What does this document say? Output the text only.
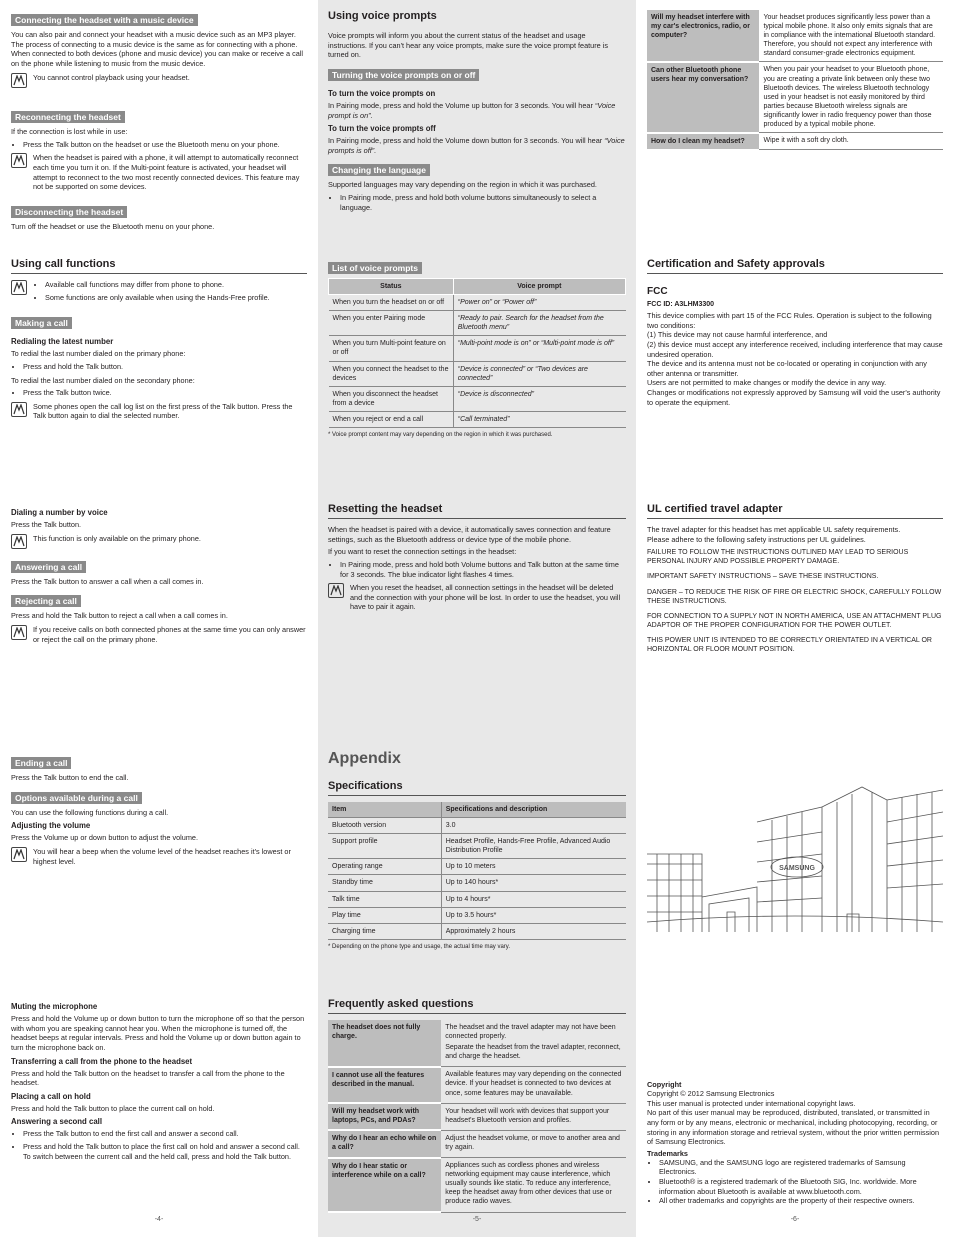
Connecting the headset with a music device

You can also pair and connect your headset with a music device such as an MP3 player. The process of connecting to a music device is the same as for connecting with a phone. When connected to both devices (phone and music device) you can make or receive a call on the phone while listening to music from the music device.

You cannot control playback using your headset.

Reconnecting the headset

If the connection is lost while in use:

• Press the Talk button on the headset or use the Bluetooth menu on your phone.

When the headset is paired with a phone, it will attempt to automatically reconnect each time you turn it on. If the Multi-point feature is activated, your headset will attempt to reconnect to the two most recently connected devices. This feature may not be supported on some devices.

Disconnecting the headset

Turn off the headset or use the Bluetooth menu on your phone.

Using call functions
• Available call functions may differ from phone to phone.
• Some functions are only available when using the Hands-Free profile.
Making a call
Redialing the latest number

To redial the last number dialed on the primary phone:

• Press and hold the Talk button.

To redial the last number dialed on the secondary phone:

• Press the Talk button twice.

Some phones open the call log list on the first press of the Talk button. Press the Talk button again to dial the selected number.

Dialing a number by voice

Press the Talk button.

This function is only available on the primary phone.

Answering a call

Press the Talk button to answer a call when a call comes in.

Rejecting a call

Press and hold the Talk button to reject a call when a call comes in.

If you receive calls on both connected phones at the same time you can only answer or reject the call on the primary phone.

Ending a call

Press the Talk button to end the call.

Options available during a call

You can use the following functions during a call.

Adjusting the volume

Press the Volume up or down button to adjust the volume.

You will hear a beep when the volume level of the headset reaches it's lowest or highest level.

Muting the microphone

Press and hold the Volume up or down button to turn the microphone off so that the person with whom you are speaking cannot hear you. When the microphone is turned off, the headset beeps at regular intervals. Press and hold the Volume up or down button again to turn the microphone back on.

Transferring a call from the phone to the headset

Press and hold the Talk button on the headset to transfer a call from the phone to the headset.

Placing a call on hold

Press and hold the Talk button to place the current call on hold.

Answering a second call
• Press the Talk button to end the first call and answer a second call.
• Press and hold the Talk button to place the first call on hold and answer a second call. To switch between the current call and the held call, press and hold the Talk button.
-4-
Using voice prompts

Voice prompts will inform you about the current status of the headset and usage instructions. If you can't hear any voice prompts, make sure the voice prompt feature is turned on.

Turning the voice prompts on or off
To turn the voice prompts on

In Pairing mode, press and hold the Volume up button for 3 seconds. You will hear “Voice prompt is on”.

To turn the voice prompts off

In Pairing mode, press and hold the Volume down button for 3 seconds. You will hear “Voice prompts is off”.

Changing the language

Supported languages may vary depending on the region in which it was purchased.

• In Pairing mode, press and hold both volume buttons simultaneously to select a language.
List of voice prompts
Status	Voice prompt
When you turn the headset on or off	“Power on” or “Power off”
When you enter Pairing mode	“Ready to pair. Search for the headset from the Bluetooth menu”
When you turn Multi-point feature on or off	“Multi-point mode is on” or “Multi-point mode is off”
When you connect the headset to the devices	“Device is connected” or “Two devices are connected”
When you disconnect the headset from a device	“Device is disconnected”
When you reject or end a call	“Call terminated”
* Voice prompt content may vary depending on the region in which it was purchased.
Resetting the headset

When the headset is paired with a device, it automatically saves connection and feature settings, such as the Bluetooth address or device type of the mobile phone.

If you want to reset the connection settings in the headset:

• In Pairing mode, press and hold both Volume buttons and Talk button at the same time for 3 seconds. The blue indicator light flashes 4 times.

When you reset the headset, all connection settings in the headset will be deleted and the connection with your phone will be lost. In order to use the headset, you will have to pair it again.

Appendix
Specifications
Item	Specifications and description
Bluetooth version	3.0
Support profile	Headset Profile, Hands-Free Profile, Advanced Audio Distribution Profile
Operating range	Up to 10 meters
Standby time	Up to 140 hours*
Talk time	Up to 4 hours*
Play time	Up to 3.5 hours*
Charging time	Approximately 2 hours
* Depending on the phone type and usage, the actual time may vary.
Frequently asked questions
The headset does not fully charge.	The headset and the travel adapter may not have been connected properly.
Separate the headset from the travel adapter, reconnect, and charge the headset.

I cannot use all the features described in the manual.	Available features may vary depending on the connected device. If your headset is connected to two devices at once, some features may be unavailable.

Will my headset work with laptops, PCs, and PDAs?	Your headset will work with devices that support your headset's Bluetooth version and profiles.

Why do I hear an echo while on a call?	Adjust the headset volume, or move to another area and try again.

Why do I hear static or interference while on a call?	Appliances such as cordless phones and wireless networking equipment may cause interference, which usually sounds like static. To reduce any interference, keep the headset away from other devices that use or produce radio waves.
-5-
Will my headset interfere with my car's electronics, radio, or computer?	Your headset produces significantly less power than a typical mobile phone. It also only emits signals that are in compliance with the international Bluetooth standard. Therefore, you should not expect any interference with standard consumer-grade electronics equipment.
Can other Bluetooth phone users hear my conversation?	When you pair your headset to your Bluetooth phone, you are creating a private link between only these two Bluetooth devices. The wireless Bluetooth technology used in your headset is not easily monitored by third parties because Bluetooth wireless signals are significantly lower in radio frequency power than those produced by a typical mobile phone.
How do I clean my headset?	Wipe it with a soft dry cloth.
Certification and Safety approvals
FCC
FCC ID: A3LHM3300

This device complies with part 15 of the FCC Rules. Operation is subject to the following two conditions:

(1) This device may not cause harmful interference, and

(2) this device must accept any interference received, including interference that may cause undesired operation.

The device and its antenna must not be co-located or operating in conjunction with any other antenna or transmitter.

Users are not permitted to make changes or modify the device in any way.

Changes or modifications not expressly approved by Samsung will void the user's authority to operate the equipment.

UL certified travel adapter

The travel adapter for this headset has met applicable UL safety requirements.

Please adhere to the following safety instructions per UL guidelines.

FAILURE TO FOLLOW THE INSTRUCTIONS OUTLINED MAY LEAD TO SERIOUS PERSONAL INJURY AND POSSIBLE PROPERTY DAMAGE.

IMPORTANT SAFETY INSTRUCTIONS – SAVE THESE INSTRUCTIONS.

DANGER – TO REDUCE THE RISK OF FIRE OR ELECTRIC SHOCK, CAREFULLY FOLLOW THESE INSTRUCTIONS.

FOR CONNECTION TO A SUPPLY NOT IN NORTH AMERICA, USE AN ATTACHMENT PLUG ADAPTOR OF THE PROPER CONFIGURATION FOR THE POWER OUTLET.

THIS POWER UNIT IS INTENDED TO BE CORRECTLY ORIENTATED IN A VERTICAL OR HORIZONTAL OR FLOOR MOUNT POSITION.

SAMSUNG
Copyright

Copyright © 2012 Samsung Electronics

This user manual is protected under international copyright laws.

No part of this user manual may be reproduced, distributed, translated, or transmitted in any form or by any means, electronic or mechanical, including photocopying, recording, or storing in any information storage and retrieval system, without the prior written permission of Samsung Electronics.

Trademarks
• SAMSUNG, and the SAMSUNG logo are registered trademarks of Samsung Electronics.
• Bluetooth® is a registered trademark of the Bluetooth SIG, Inc. worldwide. More information about Bluetooth is available at www.bluetooth.com.
• All other trademarks and copyrights are the property of their respective owners.
-6-
